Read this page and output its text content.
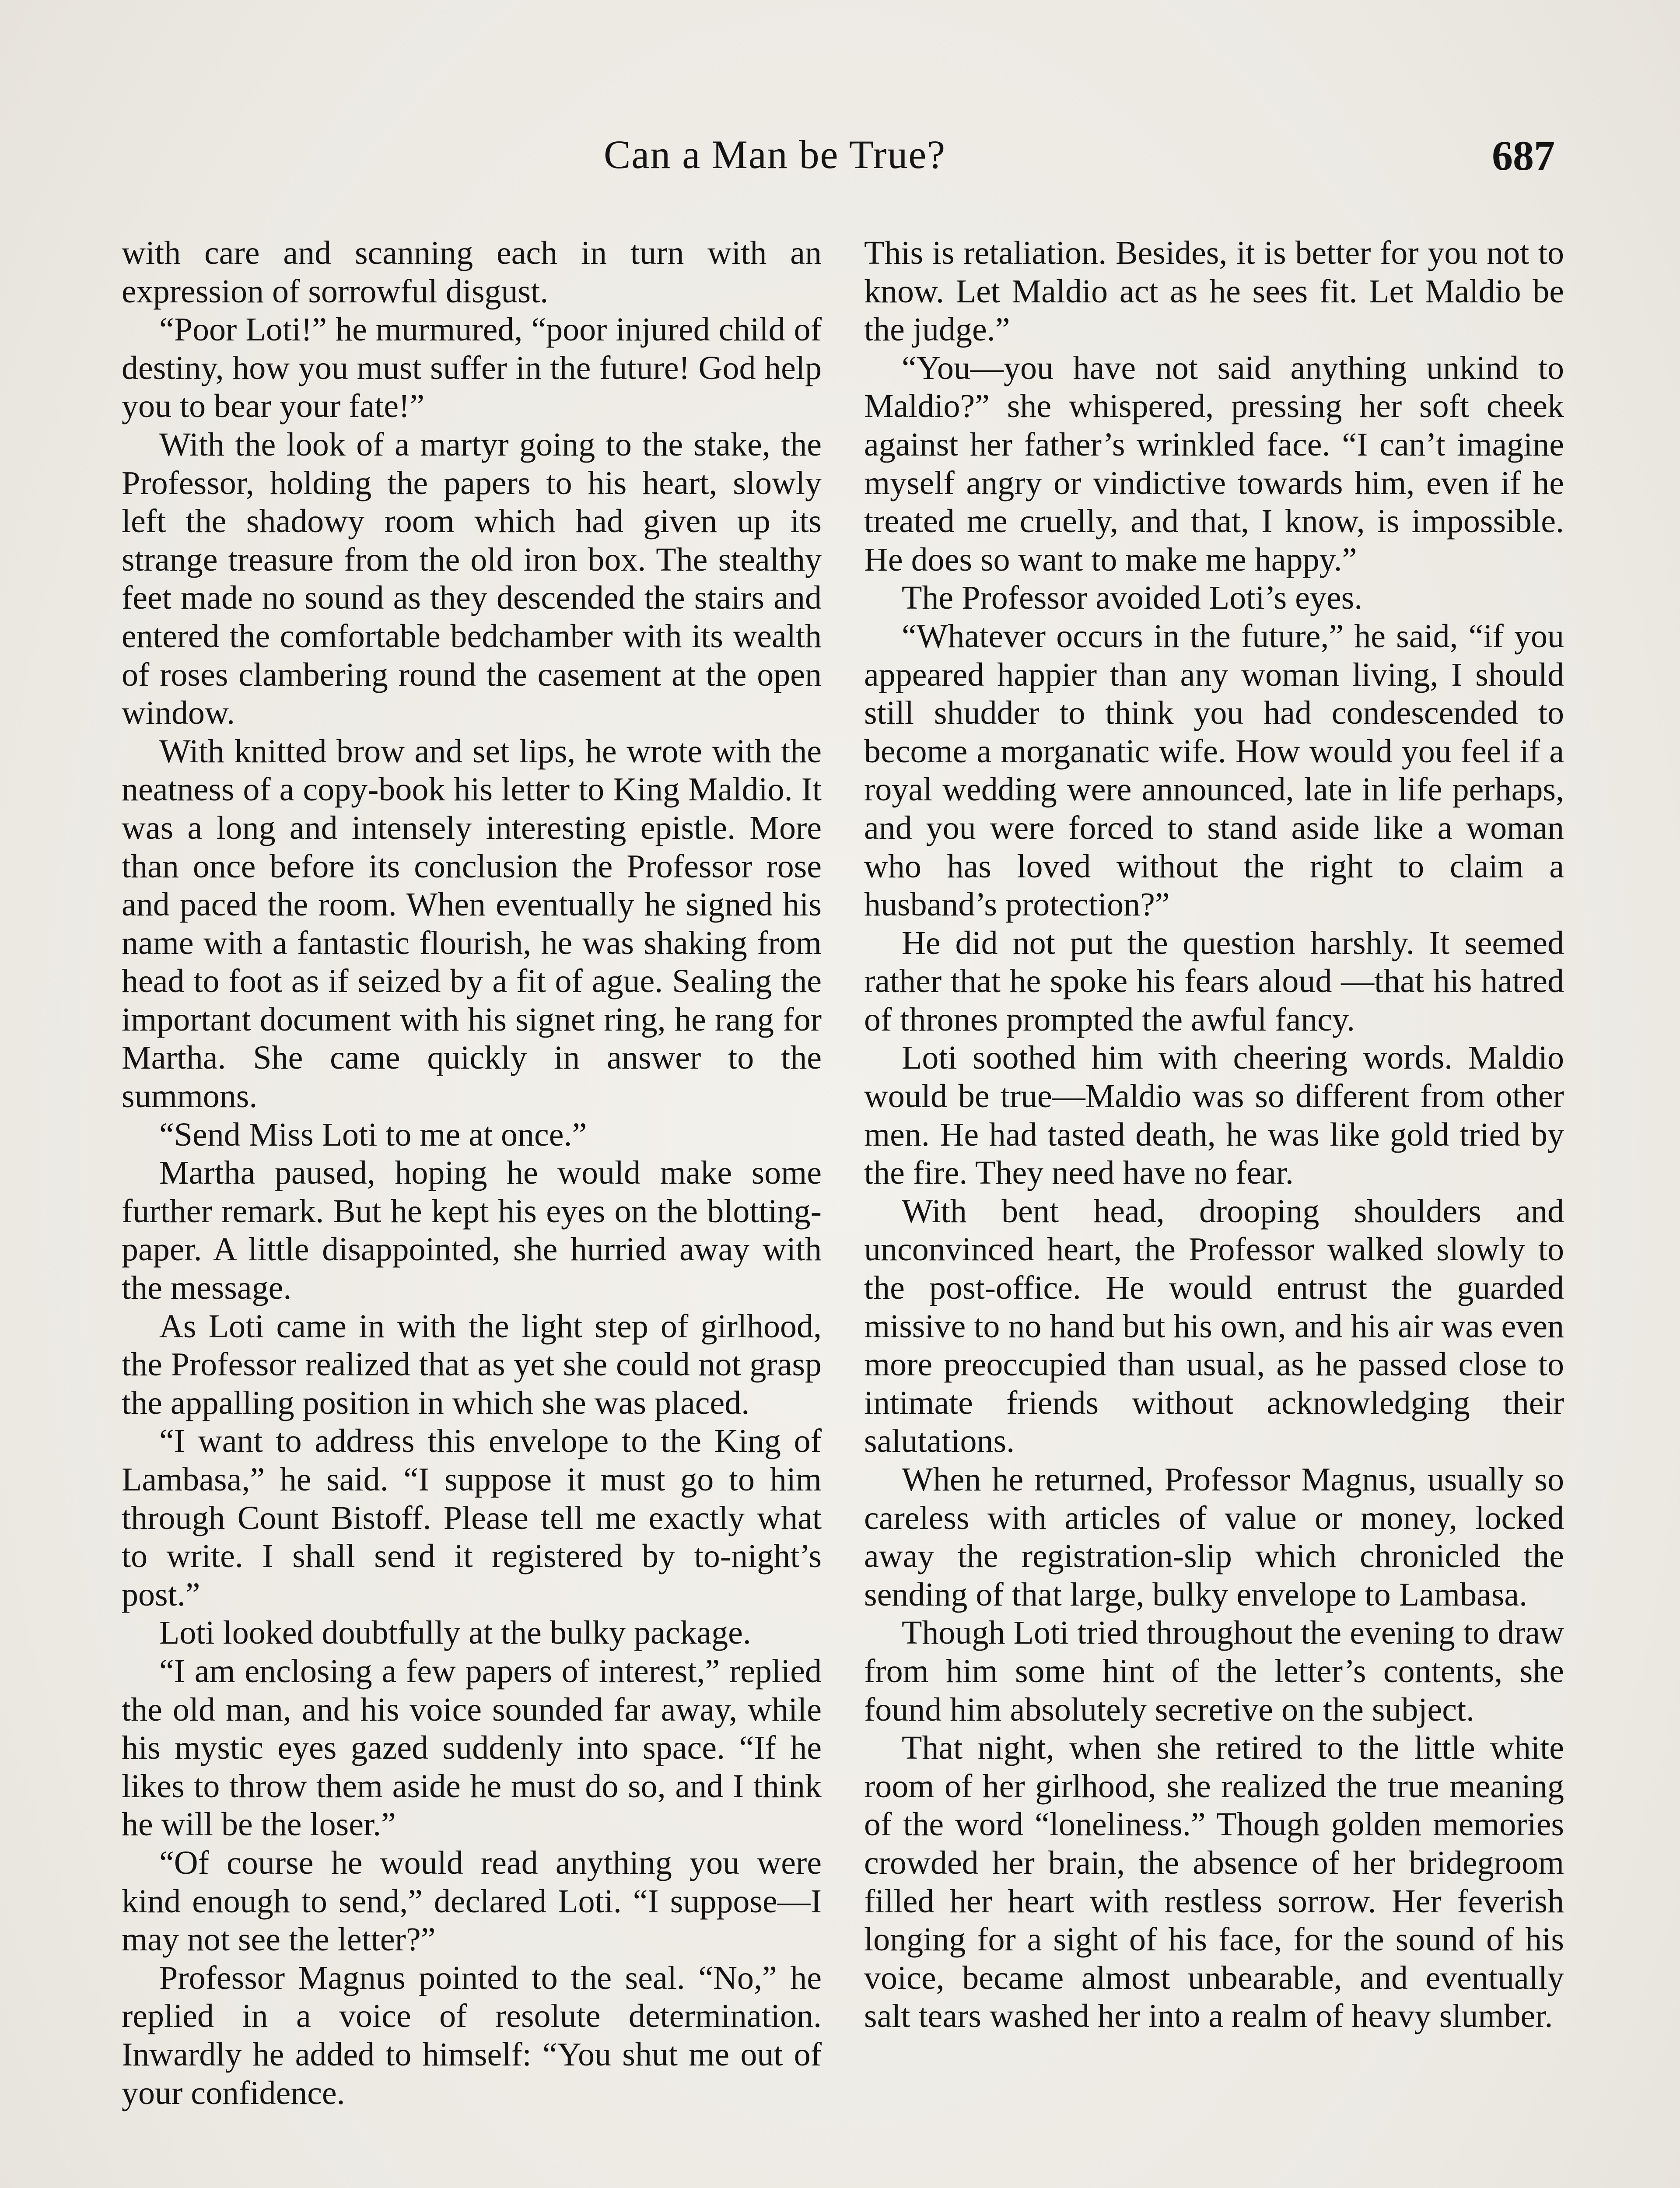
Can a Man be True?	687

with care and scanning each in turn with an expression of sorrowful disgust.

“Poor Loti!” he murmured, “poor injured child of destiny, how you must suffer in the future! God help you to bear your fate!”

With the look of a martyr going to the stake, the Professor, holding the papers to his heart, slowly left the shadowy room which had given up its strange treasure from the old iron box. The stealthy feet made no sound as they descended the stairs and entered the comfortable bedchamber with its wealth of roses clambering round the casement at the open window.

With knitted brow and set lips, he wrote with the neatness of a copy-book his letter to King Maldio. It was a long and intensely interesting epistle. More than once before its conclusion the Professor rose and paced the room. When eventually he signed his name with a fantastic flourish, he was shaking from head to foot as if seized by a fit of ague. Sealing the important document with his signet ring, he rang for Martha. She came quickly in answer to the summons.

“Send Miss Loti to me at once.”

Martha paused, hoping he would make some further remark. But he kept his eyes on the blotting-paper. A little disappointed, she hurried away with the message.

As Loti came in with the light step of girlhood, the Professor realized that as yet she could not grasp the appalling position in which she was placed.

“I want to address this envelope to the King of Lambasa,” he said. “I suppose it must go to him through Count Bistoff. Please tell me exactly what to write. I shall send it registered by to-night’s post.”

Loti looked doubtfully at the bulky package.

“I am enclosing a few papers of interest,” replied the old man, and his voice sounded far away, while his mystic eyes gazed suddenly into space. “If he likes to throw them aside he must do so, and I think he will be the loser.”

“Of course he would read anything you were kind enough to send,” declared Loti. “I suppose—I may not see the letter?”

Professor Magnus pointed to the seal. “No,” he replied in a voice of resolute determination. Inwardly he added to himself: “You shut me out of your confidence.

This is retaliation. Besides, it is better for you not to know. Let Maldio act as he sees fit. Let Maldio be the judge.”

“You—you have not said anything unkind to Maldio?” she whispered, pressing her soft cheek against her father’s wrinkled face. “I can’t imagine myself angry or vindictive towards him, even if he treated me cruelly, and that, I know, is impossible. He does so want to make me happy.”

The Professor avoided Loti’s eyes.

“Whatever occurs in the future,” he said, “if you appeared happier than any woman living, I should still shudder to think you had condescended to become a morganatic wife. How would you feel if a royal wedding were announced, late in life perhaps, and you were forced to stand aside like a woman who has loved without the right to claim a husband’s protection?”

He did not put the question harshly. It seemed rather that he spoke his fears aloud —that his hatred of thrones prompted the awful fancy.

Loti soothed him with cheering words. Maldio would be true—Maldio was so different from other men. He had tasted death, he was like gold tried by the fire. They need have no fear.

With bent head, drooping shoulders and unconvinced heart, the Professor walked slowly to the post-office. He would entrust the guarded missive to no hand but his own, and his air was even more preoccupied than usual, as he passed close to intimate friends without acknowledging their salutations.

When he returned, Professor Magnus, usually so careless with articles of value or money, locked away the registration-slip which chronicled the sending of that large, bulky envelope to Lambasa.

Though Loti tried throughout the evening to draw from him some hint of the letter’s contents, she found him absolutely secretive on the subject.

That night, when she retired to the little white room of her girlhood, she realized the true meaning of the word “loneliness.” Though golden memories crowded her brain, the absence of her bridegroom filled her heart with restless sorrow. Her feverish longing for a sight of his face, for the sound of his voice, became almost unbearable, and eventually salt tears washed her into a realm of heavy slumber.
